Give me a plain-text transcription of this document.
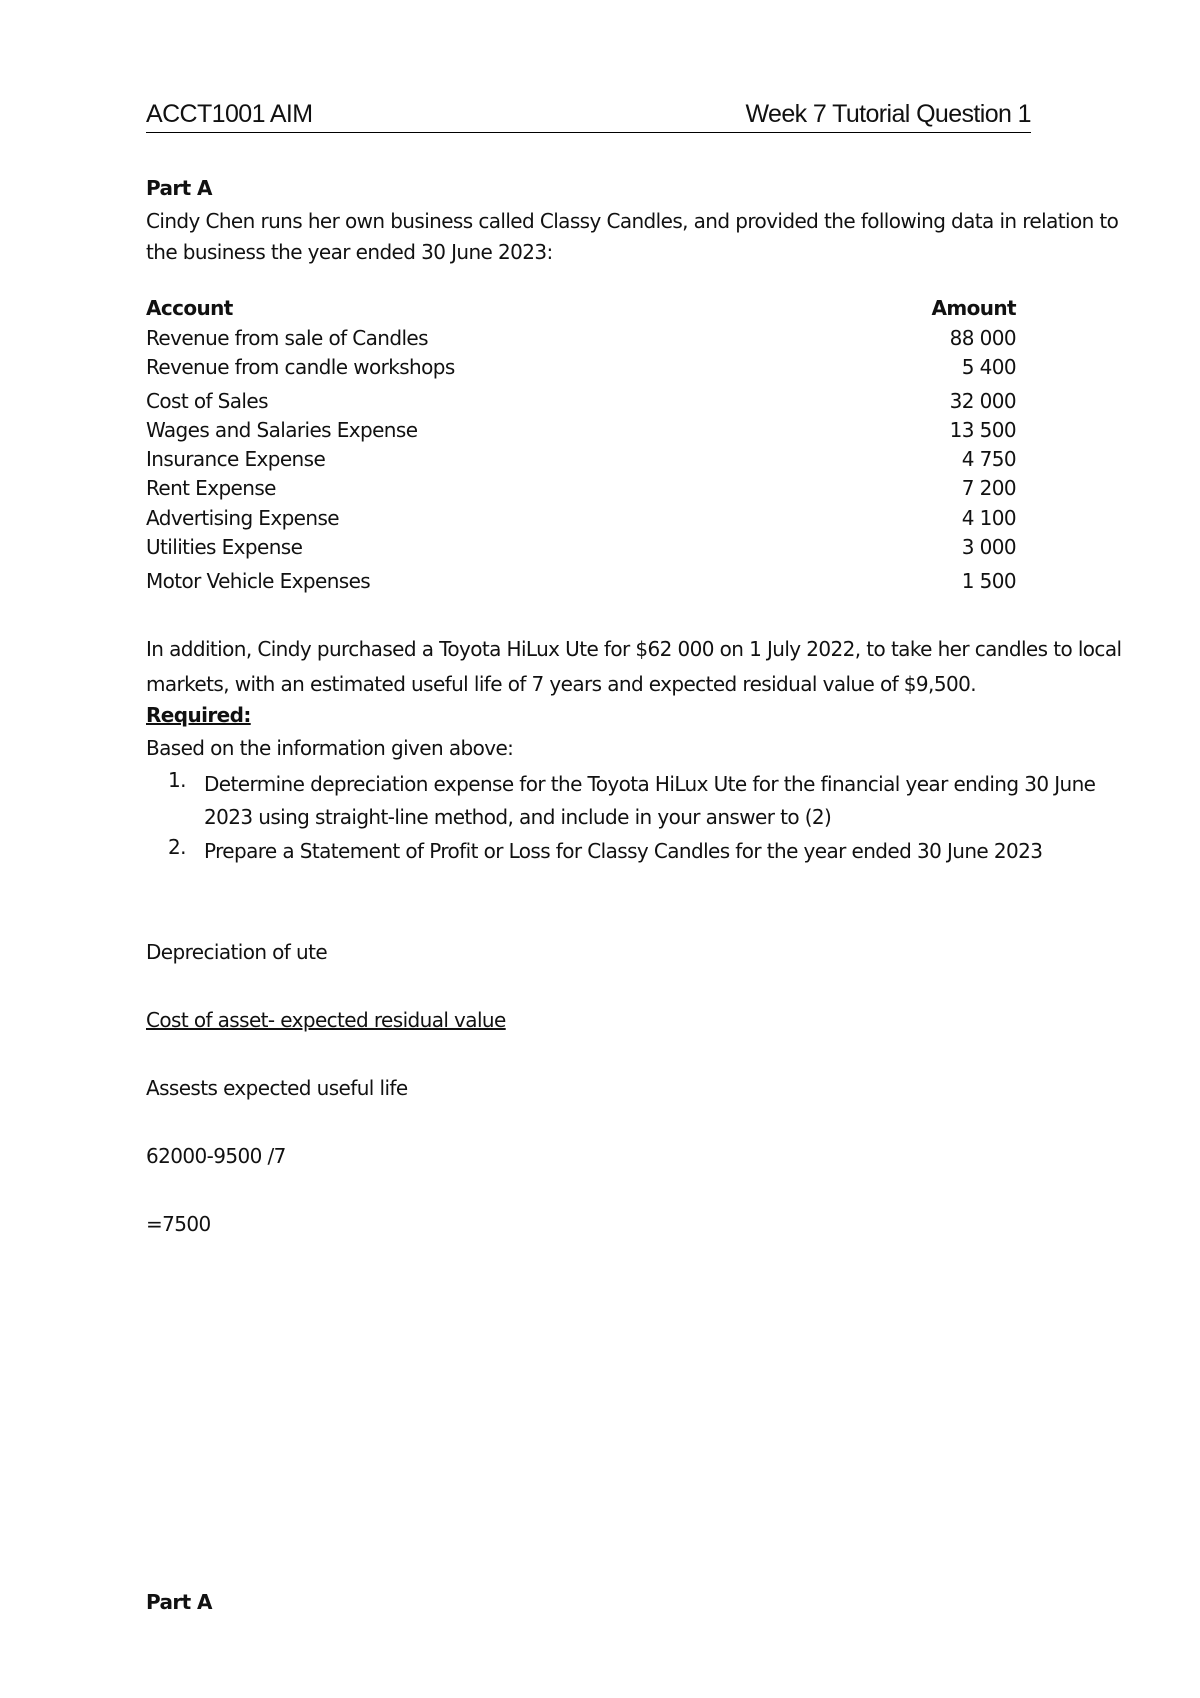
ACCT1001 AIM	Week 7 Tutorial Question 1
Part A
Cindy Chen runs her own business called Classy Candles, and provided the following data in relation to the business the year ended 30 June 2023:
Account	Amount
Revenue from sale of Candles	88 000
Revenue from candle workshops	5 400
Cost of Sales	32 000
Wages and Salaries Expense	13 500
Insurance Expense	4 750
Rent Expense	7 200
Advertising Expense	4 100
Utilities Expense	3 000
Motor Vehicle Expenses	1 500
In addition, Cindy purchased a Toyota HiLux Ute for $62 000 on 1 July 2022, to take her candles to local markets, with an estimated useful life of 7 years and expected residual value of $9,500.
Required:
Based on the information given above:
1. Determine depreciation expense for the Toyota HiLux Ute for the financial year ending 30 June 2023 using straight-line method, and include in your answer to (2)
2. Prepare a Statement of Profit or Loss for Classy Candles for the year ended 30 June 2023
Depreciation of ute
Cost of asset- expected residual value
Assests expected useful life
62000-9500 /7
=7500
Part A
